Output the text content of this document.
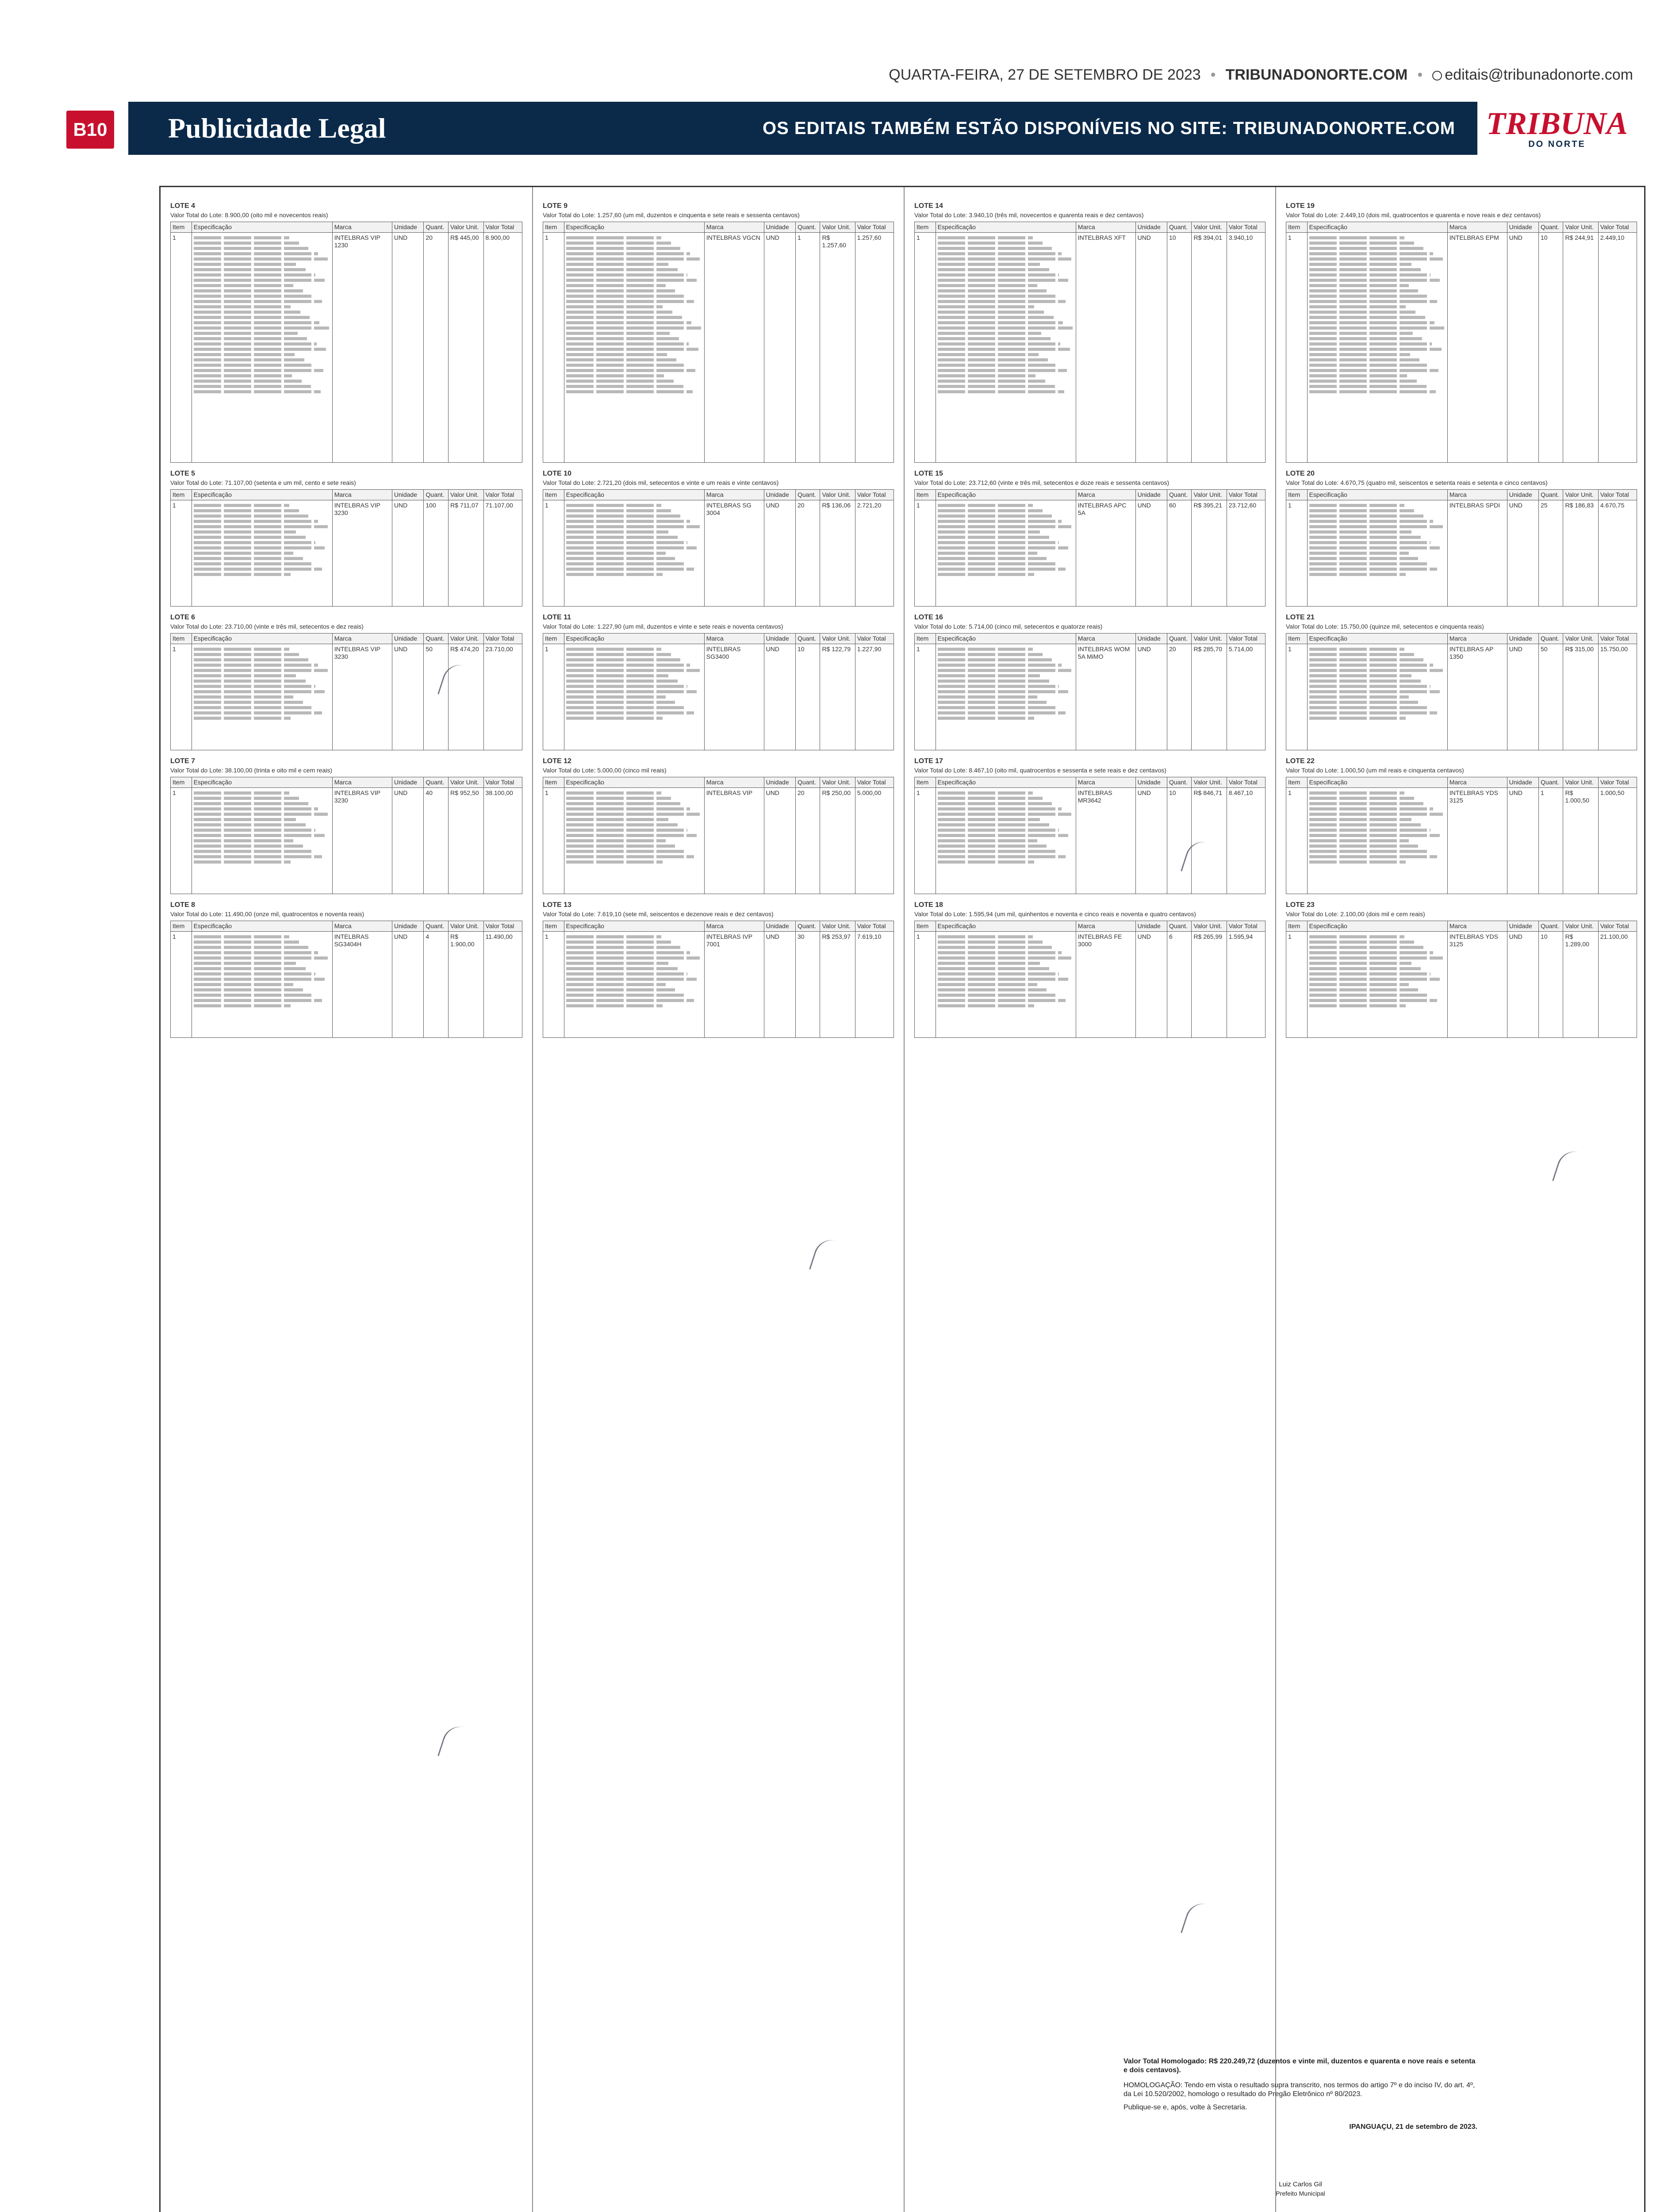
QUARTA-FEIRA, 27 DE SETEMBRO DE 2023 • TRIBUNADONORTE.COM •	editais@tribunadonorte.com
B10	Publicidade Legal	OS EDITAIS TAMBÉM ESTÃO DISPONÍVEIS NO SITE: TRIBUNADONORTE.COM TRIBUNA
DO NORTE
LOTE 4
Valor Total do Lote: 8.900,00 (oito mil e novecentos reais)
Item	Especificação	Marca	Unidade	Quant.	Valor Unit.	Valor Total
1		INTELBRAS VIP 1230	UND	20	R$ 445,00	8.900,00
LOTE 5
Valor Total do Lote: 71.107,00 (setenta e um mil, cento e sete reais)
Item	Especificação	Marca	Unidade	Quant.	Valor Unit.	Valor Total
1		INTELBRAS VIP 3230	UND	100	R$ 711,07	71.107,00
LOTE 6
Valor Total do Lote: 23.710,00 (vinte e três mil, setecentos e dez reais)
Item	Especificação	Marca	Unidade	Quant.	Valor Unit.	Valor Total
1		INTELBRAS VIP 3230	UND	50	R$ 474,20	23.710,00
LOTE 7
Valor Total do Lote: 38.100,00 (trinta e oito mil e cem reais)
Item	Especificação	Marca	Unidade	Quant.	Valor Unit.	Valor Total
1		INTELBRAS VIP 3230	UND	40	R$ 952,50	38.100,00
LOTE 8
Valor Total do Lote: 11.490,00 (onze mil, quatrocentos e noventa reais)
Item	Especificação	Marca	Unidade	Quant.	Valor Unit.	Valor Total
1		INTELBRAS SG3404H	UND	4	R$ 1.900,00	11.490,00
LOTE 9
Valor Total do Lote: 1.257,60 (um mil, duzentos e cinquenta e sete reais e sessenta centavos)
Item	Especificação	Marca	Unidade	Quant.	Valor Unit.	Valor Total
1		INTELBRAS VGCN	UND	1	R$ 1.257,60	1.257,60
LOTE 10
Valor Total do Lote: 2.721,20 (dois mil, setecentos e vinte e um reais e vinte centavos)
Item	Especificação	Marca	Unidade	Quant.	Valor Unit.	Valor Total
1		INTELBRAS SG 3004	UND	20	R$ 136,06	2.721,20
LOTE 11
Valor Total do Lote: 1.227,90 (um mil, duzentos e vinte e sete reais e noventa centavos)
Item	Especificação	Marca	Unidade	Quant.	Valor Unit.	Valor Total
1		INTELBRAS SG3400	UND	10	R$ 122,79	1.227,90
LOTE 12
Valor Total do Lote: 5.000,00 (cinco mil reais)
Item	Especificação	Marca	Unidade	Quant.	Valor Unit.	Valor Total
1		INTELBRAS VIP	UND	20	R$ 250,00	5.000,00
LOTE 13
Valor Total do Lote: 7.619,10 (sete mil, seiscentos e dezenove reais e dez centavos)
Item	Especificação	Marca	Unidade	Quant.	Valor Unit.	Valor Total
1		INTELBRAS IVP 7001	UND	30	R$ 253,97	7.619,10
LOTE 14
Valor Total do Lote: 3.940,10 (três mil, novecentos e quarenta reais e dez centavos)
Item	Especificação	Marca	Unidade	Quant.	Valor Unit.	Valor Total
1		INTELBRAS XFT	UND	10	R$ 394,01	3.940,10
LOTE 15
Valor Total do Lote: 23.712,60 (vinte e três mil, setecentos e doze reais e sessenta centavos)
Item	Especificação	Marca	Unidade	Quant.	Valor Unit.	Valor Total
1		INTELBRAS APC 5A	UND	60	R$ 395,21	23.712,60
LOTE 16
Valor Total do Lote: 5.714,00 (cinco mil, setecentos e quatorze reais)
Item	Especificação	Marca	Unidade	Quant.	Valor Unit.	Valor Total
1		INTELBRAS WOM 5A MiMO	UND	20	R$ 285,70	5.714,00
LOTE 17
Valor Total do Lote: 8.467,10 (oito mil, quatrocentos e sessenta e sete reais e dez centavos)
Item	Especificação	Marca	Unidade	Quant.	Valor Unit.	Valor Total
1		INTELBRAS MR3642	UND	10	R$ 846,71	8.467,10
LOTE 18
Valor Total do Lote: 1.595,94 (um mil, quinhentos e noventa e cinco reais e noventa e quatro centavos)
Item	Especificação	Marca	Unidade	Quant.	Valor Unit.	Valor Total
1		INTELBRAS FE 3000	UND	6	R$ 265,99	1.595,94
LOTE 19
Valor Total do Lote: 2.449,10 (dois mil, quatrocentos e quarenta e nove reais e dez centavos)
Item	Especificação	Marca	Unidade	Quant.	Valor Unit.	Valor Total
1		INTELBRAS EPM	UND	10	R$ 244,91	2.449,10
LOTE 20
Valor Total do Lote: 4.670,75 (quatro mil, seiscentos e setenta reais e setenta e cinco centavos)
Item	Especificação	Marca	Unidade	Quant.	Valor Unit.	Valor Total
1		INTELBRAS SPDI	UND	25	R$ 186,83	4.670,75
LOTE 21
Valor Total do Lote: 15.750,00 (quinze mil, setecentos e cinquenta reais)
Item	Especificação	Marca	Unidade	Quant.	Valor Unit.	Valor Total
1		INTELBRAS AP 1350	UND	50	R$ 315,00	15.750,00
LOTE 22
Valor Total do Lote: 1.000,50 (um mil reais e cinquenta centavos)
Item	Especificação	Marca	Unidade	Quant.	Valor Unit.	Valor Total
1		INTELBRAS YDS 3125	UND	1	R$ 1.000,50	1.000,50
LOTE 23
Valor Total do Lote: 2.100,00 (dois mil e cem reais)
Item	Especificação	Marca	Unidade	Quant.	Valor Unit.	Valor Total
1		INTELBRAS YDS 3125	UND	10	R$ 1.289,00	21.100,00

Valor Total Homologado: R$ 220.249,72 (duzentos e vinte mil, duzentos e quarenta e nove reais e setenta e dois centavos).

HOMOLOGAÇÃO: Tendo em vista o resultado supra transcrito, nos termos do artigo 7º e do inciso IV, do art. 4º, da Lei 10.520/2002, homologo o resultado do Pregão Eletrônico nº 80/2023.

Publique-se e, após, volte à Secretaria.

IPANGUAÇU, 21 de setembro de 2023.

Luiz Carlos Gil

Prefeito Municipal
